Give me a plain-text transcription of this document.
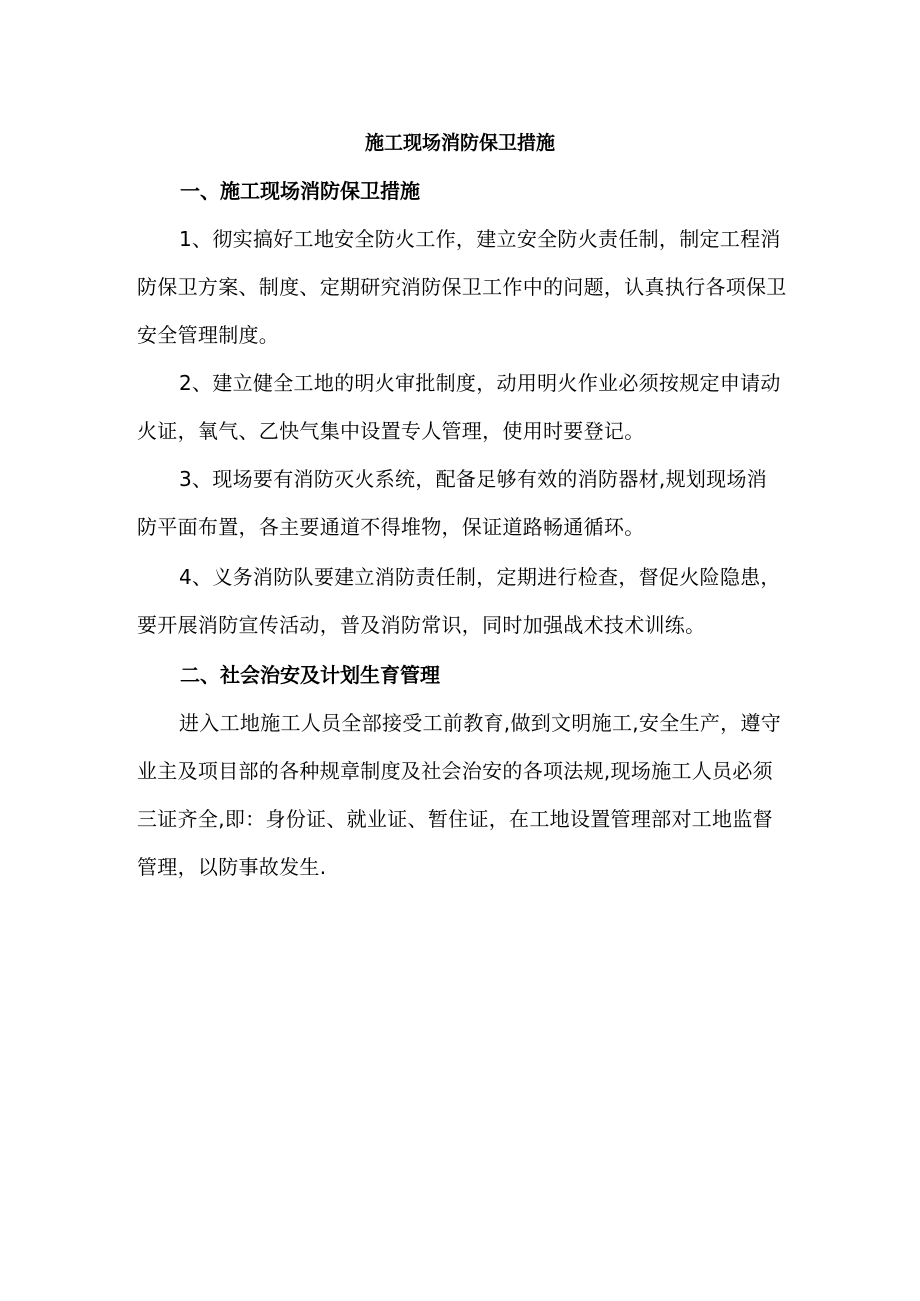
施工现场消防保卫措施
一、施工现场消防保卫措施
1、彻实搞好工地安全防火工作，建立安全防火责任制，制定工程消防保卫方案、制度、定期研究消防保卫工作中的问题，认真执行各项保卫安全管理制度。
2、建立健全工地的明火审批制度，动用明火作业必须按规定申请动火证，氧气、乙快气集中设置专人管理，使用时要登记。
3、现场要有消防灭火系统，配备足够有效的消防器材,规划现场消防平面布置，各主要通道不得堆物，保证道路畅通循环。
4、义务消防队要建立消防责任制，定期进行检查，督促火险隐患，要开展消防宣传活动，普及消防常识，同时加强战术技术训练。
二、社会治安及计划生育管理
进入工地施工人员全部接受工前教育,做到文明施工,安全生产，遵守业主及项目部的各种规章制度及社会治安的各项法规,现场施工人员必须三证齐全,即：身份证、就业证、暂住证，在工地设置管理部对工地监督管理，以防事故发生.
